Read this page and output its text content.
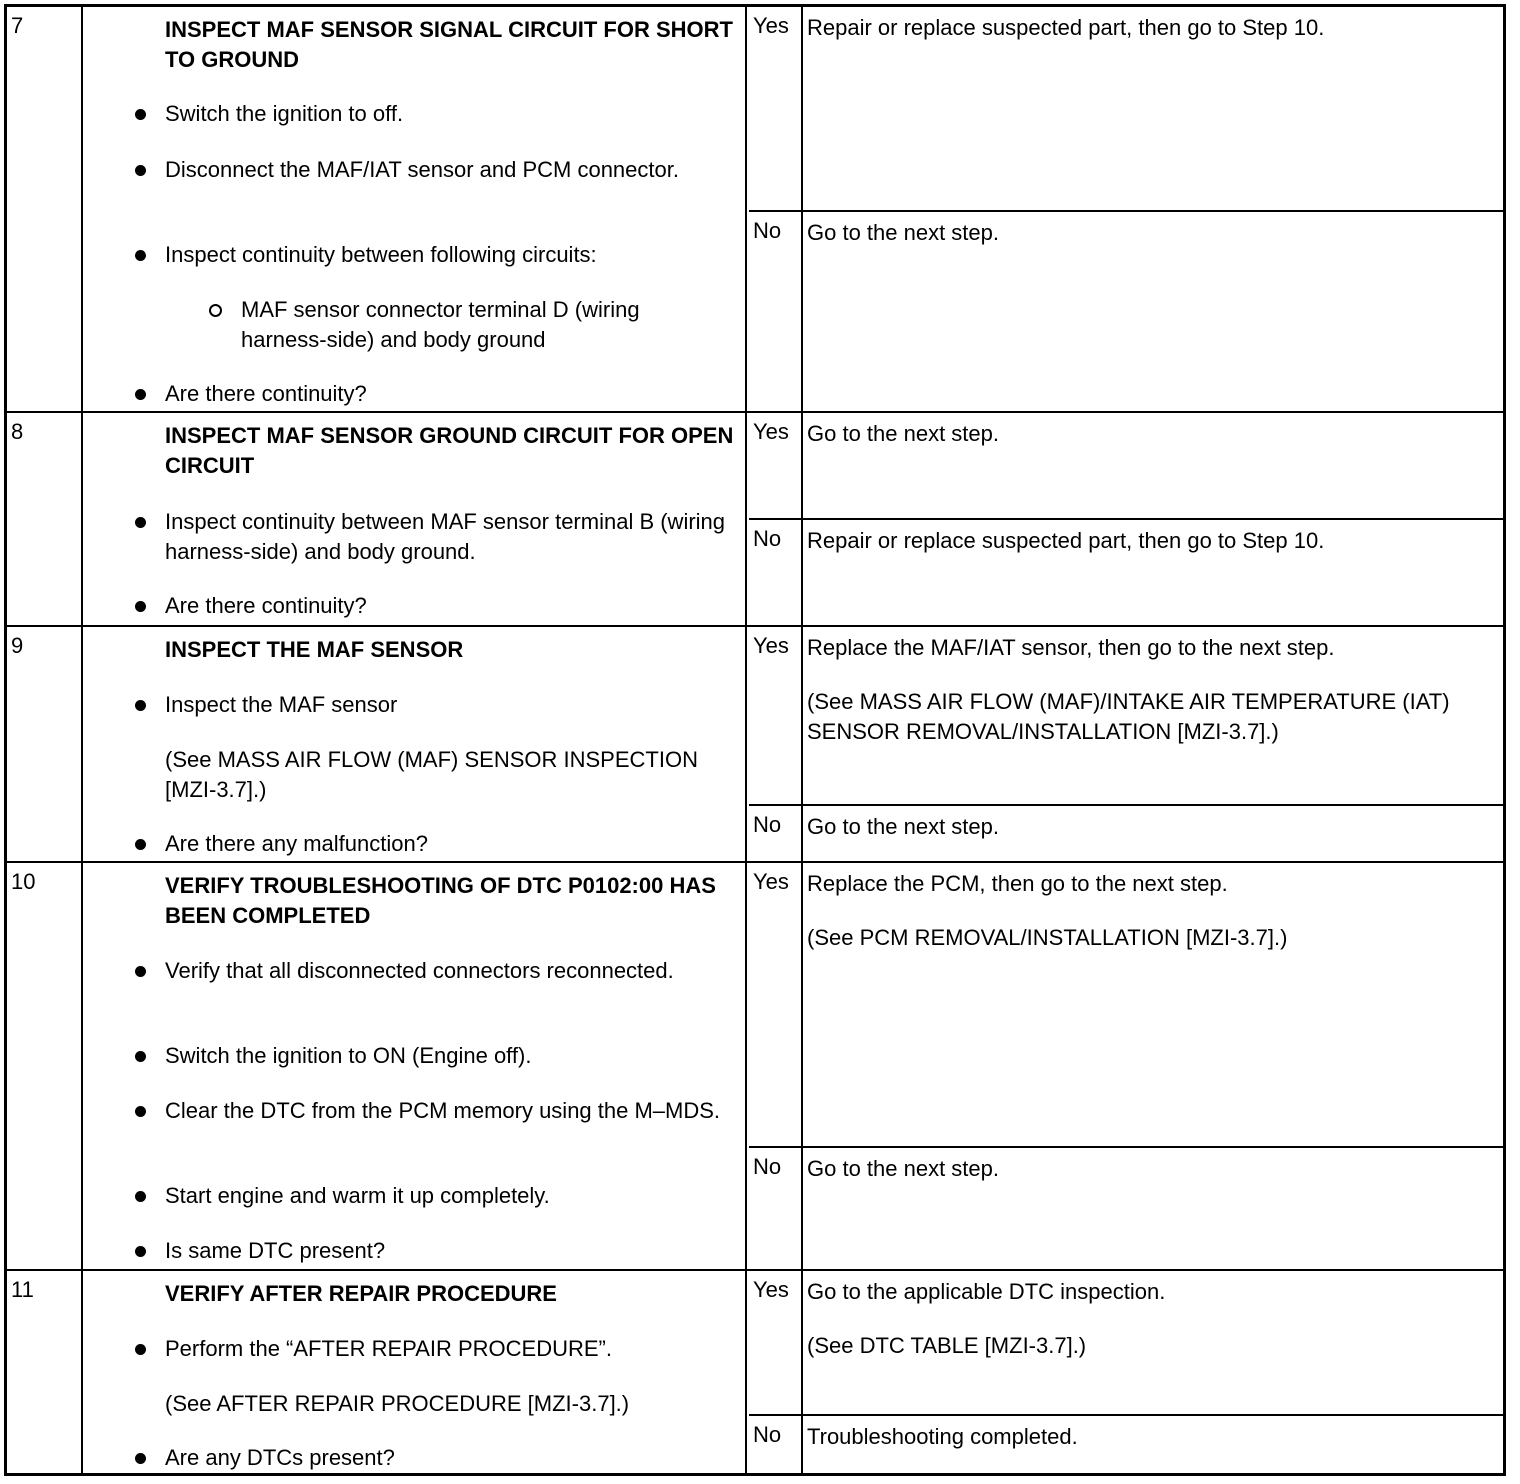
7	INSPECT MAF SENSOR SIGNAL CIRCUIT FOR SHORT TO GROUND
Switch the ignition to off.
Disconnect the MAF/IAT sensor and PCM connector.
Inspect continuity between following circuits:
MAF sensor connector terminal D (wiring harness-side) and body ground
Are there continuity?
Yes Repair or replace suspected part, then go to Step 10.
No Go to the next step.
8	INSPECT MAF SENSOR GROUND CIRCUIT FOR OPEN CIRCUIT
Inspect continuity between MAF sensor terminal B (wiring harness-side) and body ground.
Are there continuity?
Yes Go to the next step.
No Repair or replace suspected part, then go to Step 10.
9	INSPECT THE MAF SENSOR
Inspect the MAF sensor
(See MASS AIR FLOW (MAF) SENSOR INSPECTION [MZI-3.7].)
Are there any malfunction?
Yes Replace the MAF/IAT sensor, then go to the next step.

(See MASS AIR FLOW (MAF)/INTAKE AIR TEMPERATURE (IAT) SENSOR REMOVAL/INSTALLATION [MZI-3.7].)

No Go to the next step.
10	VERIFY TROUBLESHOOTING OF DTC P0102:00 HAS BEEN COMPLETED
Verify that all disconnected connectors reconnected.
Switch the ignition to ON (Engine off).
Clear the DTC from the PCM memory using the M–MDS.
Start engine and warm it up completely.
Is same DTC present?
Yes Replace the PCM, then go to the next step.

(See PCM REMOVAL/INSTALLATION [MZI-3.7].)

No Go to the next step.
11	VERIFY AFTER REPAIR PROCEDURE
Perform the “AFTER REPAIR PROCEDURE”.
(See AFTER REPAIR PROCEDURE [MZI-3.7].)
Are any DTCs present?
Yes Go to the applicable DTC inspection.

(See DTC TABLE [MZI-3.7].)

No Troubleshooting completed.
